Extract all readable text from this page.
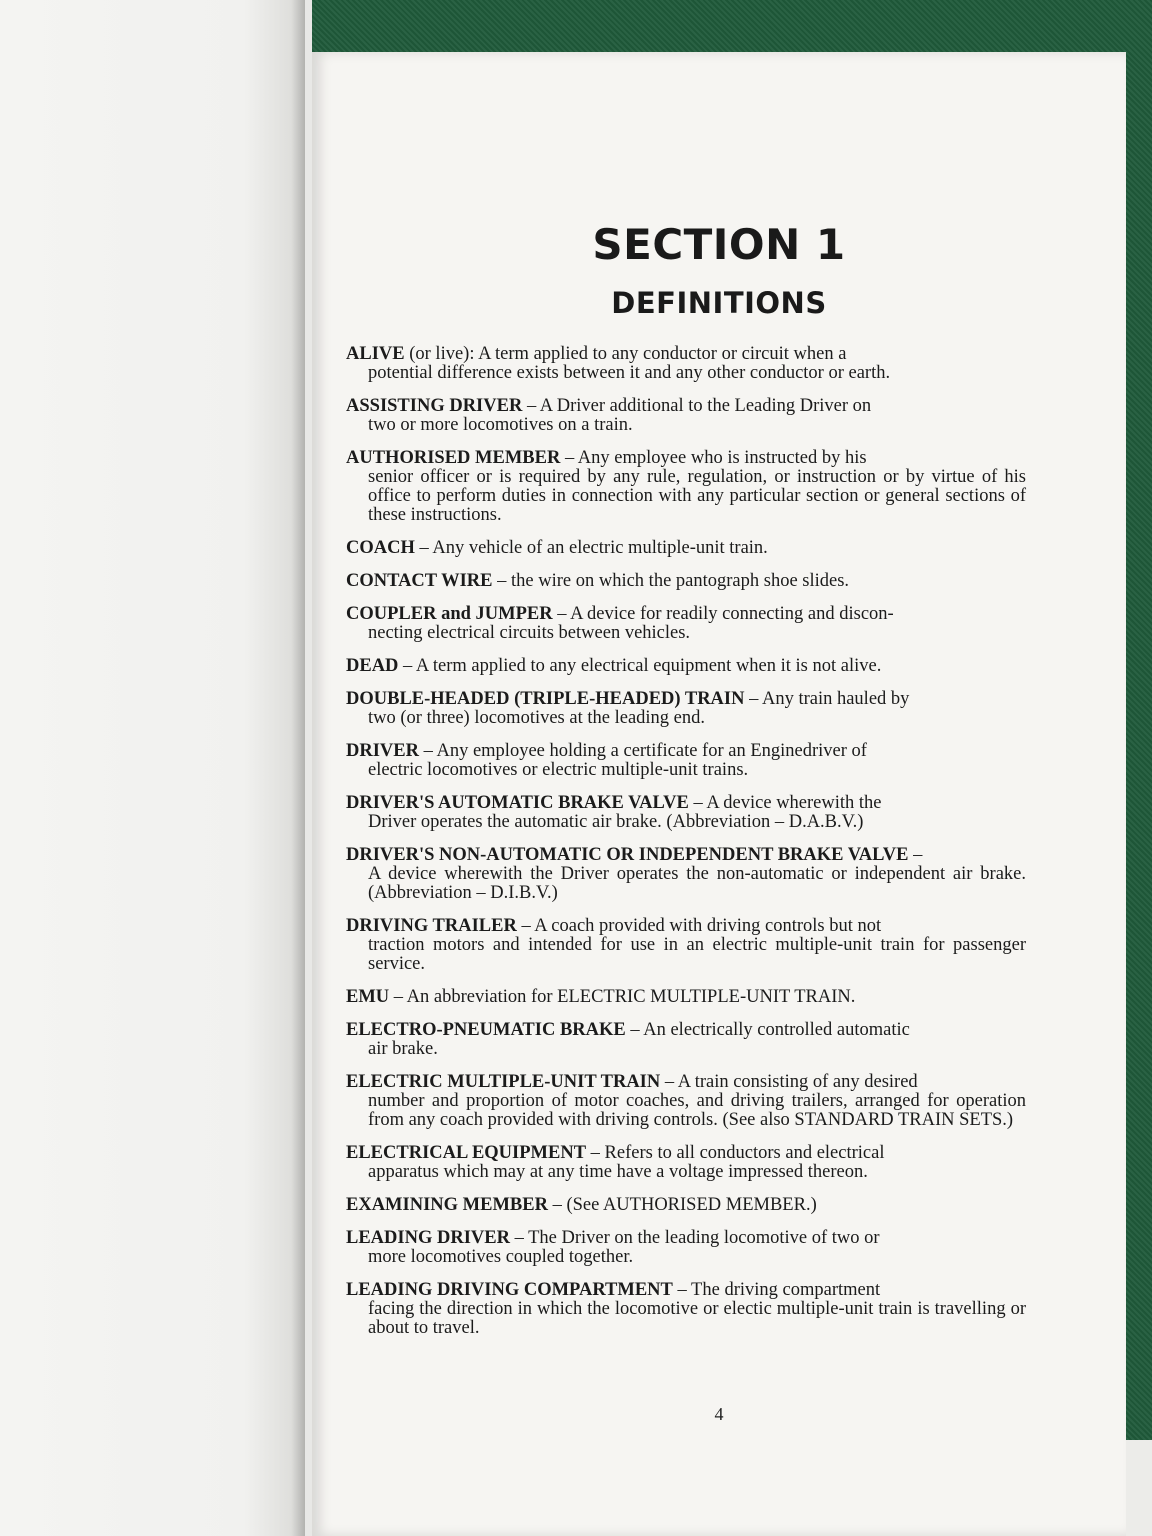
SECTION 1
DEFINITIONS

ALIVE (or live): A term applied to any conductor or circuit when a
potential difference exists between it and any other conductor or earth.

ASSISTING DRIVER – A Driver additional to the Leading Driver on
two or more locomotives on a train.

AUTHORISED MEMBER – Any employee who is instructed by his
senior officer or is required by any rule, regulation, or instruction or by virtue of his office to perform duties in connection with any particular section or general sections of these instructions.

COACH – Any vehicle of an electric multiple-unit train.

CONTACT WIRE – the wire on which the pantograph shoe slides.

COUPLER and JUMPER – A device for readily connecting and discon-
necting electrical circuits between vehicles.

DEAD – A term applied to any electrical equipment when it is not alive.

DOUBLE-HEADED (TRIPLE-HEADED) TRAIN – Any train hauled by
two (or three) locomotives at the leading end.

DRIVER – Any employee holding a certificate for an Enginedriver of
electric locomotives or electric multiple-unit trains.

DRIVER'S AUTOMATIC BRAKE VALVE – A device wherewith the
Driver operates the automatic air brake. (Abbreviation – D.A.B.V.)

DRIVER'S NON-AUTOMATIC OR INDEPENDENT BRAKE VALVE –
A device wherewith the Driver operates the non-automatic or independent air brake. (Abbreviation – D.I.B.V.)

DRIVING TRAILER – A coach provided with driving controls but not
traction motors and intended for use in an electric multiple-unit train for passenger service.

EMU – An abbreviation for ELECTRIC MULTIPLE-UNIT TRAIN.

ELECTRO-PNEUMATIC BRAKE – An electrically controlled automatic
air brake.

ELECTRIC MULTIPLE-UNIT TRAIN – A train consisting of any desired
number and proportion of motor coaches, and driving trailers, arranged for operation from any coach provided with driving controls. (See also STANDARD TRAIN SETS.)

ELECTRICAL EQUIPMENT – Refers to all conductors and electrical
apparatus which may at any time have a voltage impressed thereon.

EXAMINING MEMBER – (See AUTHORISED MEMBER.)

LEADING DRIVER – The Driver on the leading locomotive of two or
more locomotives coupled together.

LEADING DRIVING COMPARTMENT – The driving compartment
facing the direction in which the locomotive or electic multiple-unit train is travelling or about to travel.

4
